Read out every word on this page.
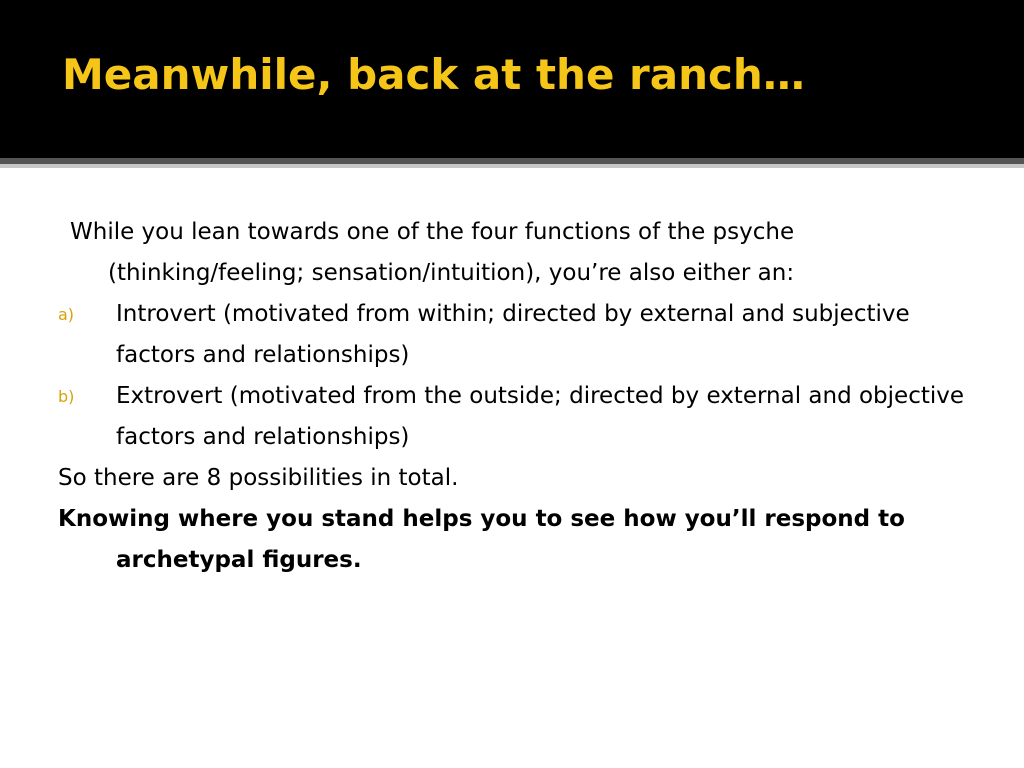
Meanwhile, back at the ranch…

While you lean towards one of the four functions of the psyche (thinking/feeling; sensation/intuition), you’re also either an:

a) Introvert (motivated from within; directed by external and subjective factors and relationships)
b) Extrovert (motivated from the outside; directed by external and objective factors and relationships)

So there are 8 possibilities in total.

Knowing where you stand helps you to see how you’ll respond to archetypal figures.
